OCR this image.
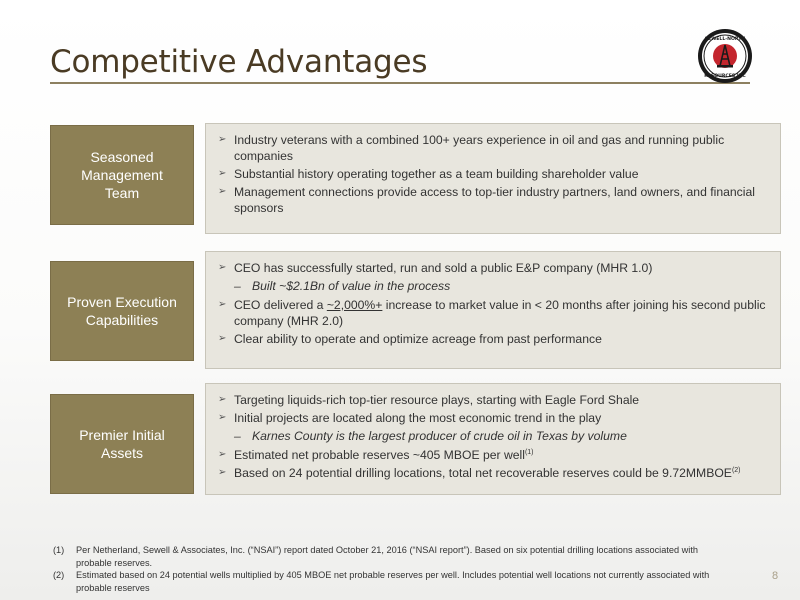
Competitive Advantages
SEWELL-NORTH
RESOURCES INC
Seasoned
Management
Team
➢ Industry veterans with a combined 100+ years experience in oil and gas and running public companies
➢ Substantial history operating together as a team building shareholder value
➢ Management connections provide access to top-tier industry partners, land owners, and financial sponsors
Proven Execution
Capabilities
➢ CEO has successfully started, run and sold a public E&P company (MHR 1.0)
– Built ~$2.1Bn of value in the process
➢ CEO delivered a ~2,000%+ increase to market value in < 20 months after joining his second public company (MHR 2.0)
➢ Clear ability to operate and optimize acreage from past performance
Premier Initial
Assets
➢ Targeting liquids-rich top-tier resource plays, starting with Eagle Ford Shale
➢ Initial projects are located along the most economic trend in the play
– Karnes County is the largest producer of crude oil in Texas by volume
➢ Estimated net probable reserves ~405 MBOE per well$^{(1)}$
➢ Based on 24 potential drilling locations, total net recoverable reserves could be 9.72MMBOE$^{(2)}$
(1) Per Netherland, Sewell & Associates, Inc. (“NSAI”) report dated October 21, 2016 (“NSAI report”). Based on six potential drilling locations associated with probable reserves.
(2) Estimated based on 24 potential wells multiplied by 405 MBOE net probable reserves per well. Includes potential well locations not currently associated with probable reserves
8
